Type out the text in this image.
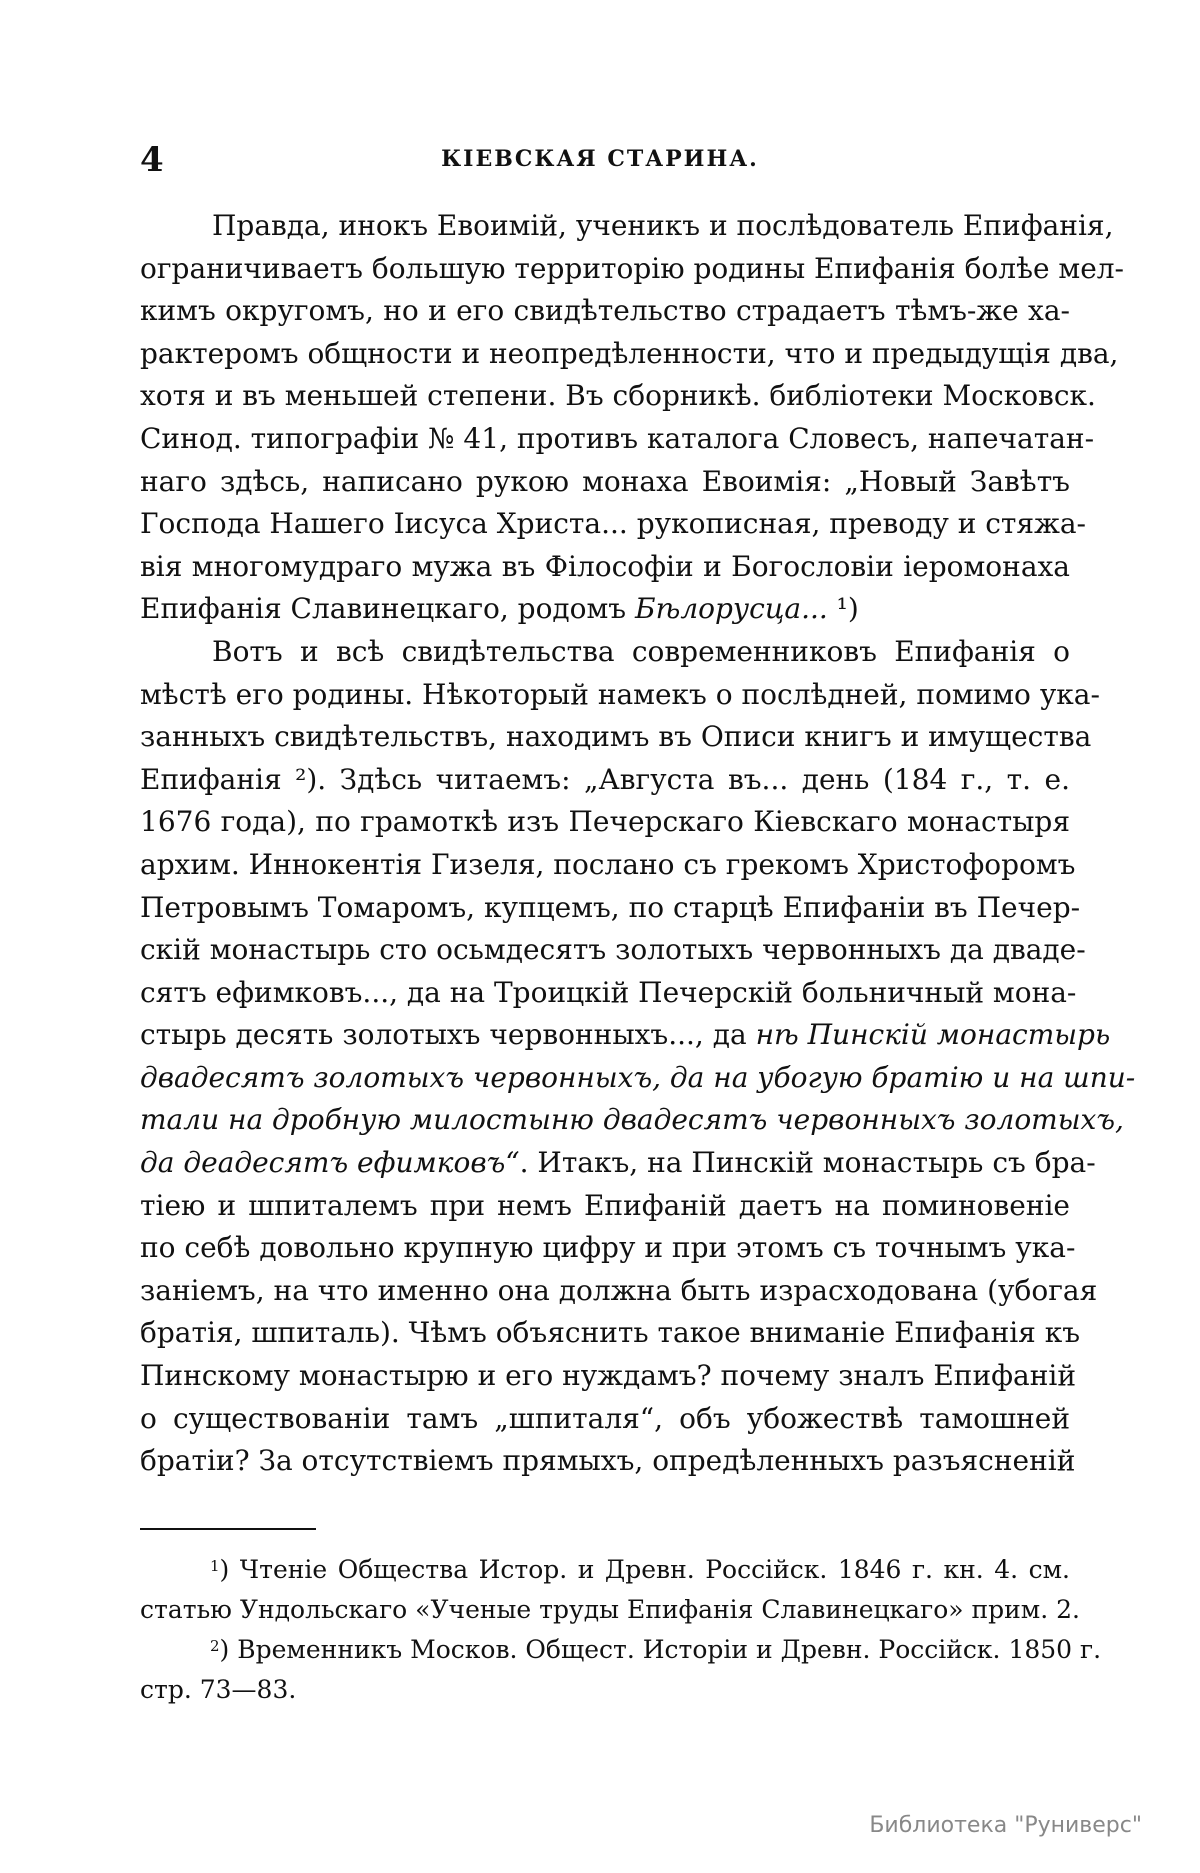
4	КІЕВСКАЯ СТАРИНА.
Правда, инокъ Евоимій, ученикъ и послѣдователь Епифанія,
ограничиваетъ большую территорію родины Епифанія болѣе мел-
кимъ округомъ, но и его свидѣтельство страдаетъ тѣмъ-же ха-
рактеромъ общности и неопредѣленности, что и предыдущія два,
хотя и въ меньшей степени. Въ сборникѣ. библіотеки Московск.
Синод. типографіи № 41, противъ каталога Словесъ, напечатан-
наго здѣсь, написано рукою монаха Евоимія: „Новый Завѣтъ
Господа Нашего Іисуса Христа... рукописная, преводу и стяжа-
вія многомудраго мужа въ Філософіи и Богословіи іеромонаха
Епифанія Славинецкаго, родомъ Бѣлорусца... ¹)
Вотъ и всѣ свидѣтельства современниковъ Епифанія о
мѣстѣ его родины. Нѣкоторый намекъ о послѣдней, помимо ука-
занныхъ свидѣтельствъ, находимъ въ Описи книгъ и имущества
Епифанія ²). Здѣсь читаемъ: „Августа въ... день (184 г., т. е.
1676 года), по грамоткѣ изъ Печерскаго Кіевскаго монастыря
архим. Иннокентія Гизеля, послано съ грекомъ Христофоромъ
Петровымъ Томаромъ, купцемъ, по старцѣ Епифаніи въ Печер-
скій монастырь сто осьмдесятъ золотыхъ червонныхъ да двадe-
сятъ ефимковъ..., да на Троицкій Печерскій больничный мона-
стырь десять золотыхъ червонныхъ..., да нѣ Пинскій монастырь
двадесятъ золотыхъ червонныхъ, да на убогую братію и на шпи-
тали на дробную милостыню двадесятъ червонныхъ золотыхъ,
да деадесятъ ефимковъ“. Итакъ, на Пинскій монастырь съ бра-
тіею и шпиталемъ при немъ Епифаній даетъ на поминовеніе
по себѣ довольно крупную цифру и при этомъ съ точнымъ ука-
заніемъ, на что именно она должна быть израсходована (убогая
братія, шпиталь). Чѣмъ объяснить такое вниманіе Епифанія къ
Пинскому монастырю и его нуждамъ? почему зналъ Епифаній
о существованіи тамъ „шпиталя“, объ убожествѣ тамошней
братіи? За отсутствіемъ прямыхъ, опредѣленныхъ разъясненій
$^1$) Чтеніе Общества Истор. и Древн. Россійск. 1846 г. кн. 4. см.
статью Ундольскаго «Ученые труды Епифанія Славинецкаго» прим. 2.
$^2$) Временникъ Москов. Общест. Исторіи и Древн. Россійск. 1850 г.
стр. 73—83.
Библиотека "Руниверс"
